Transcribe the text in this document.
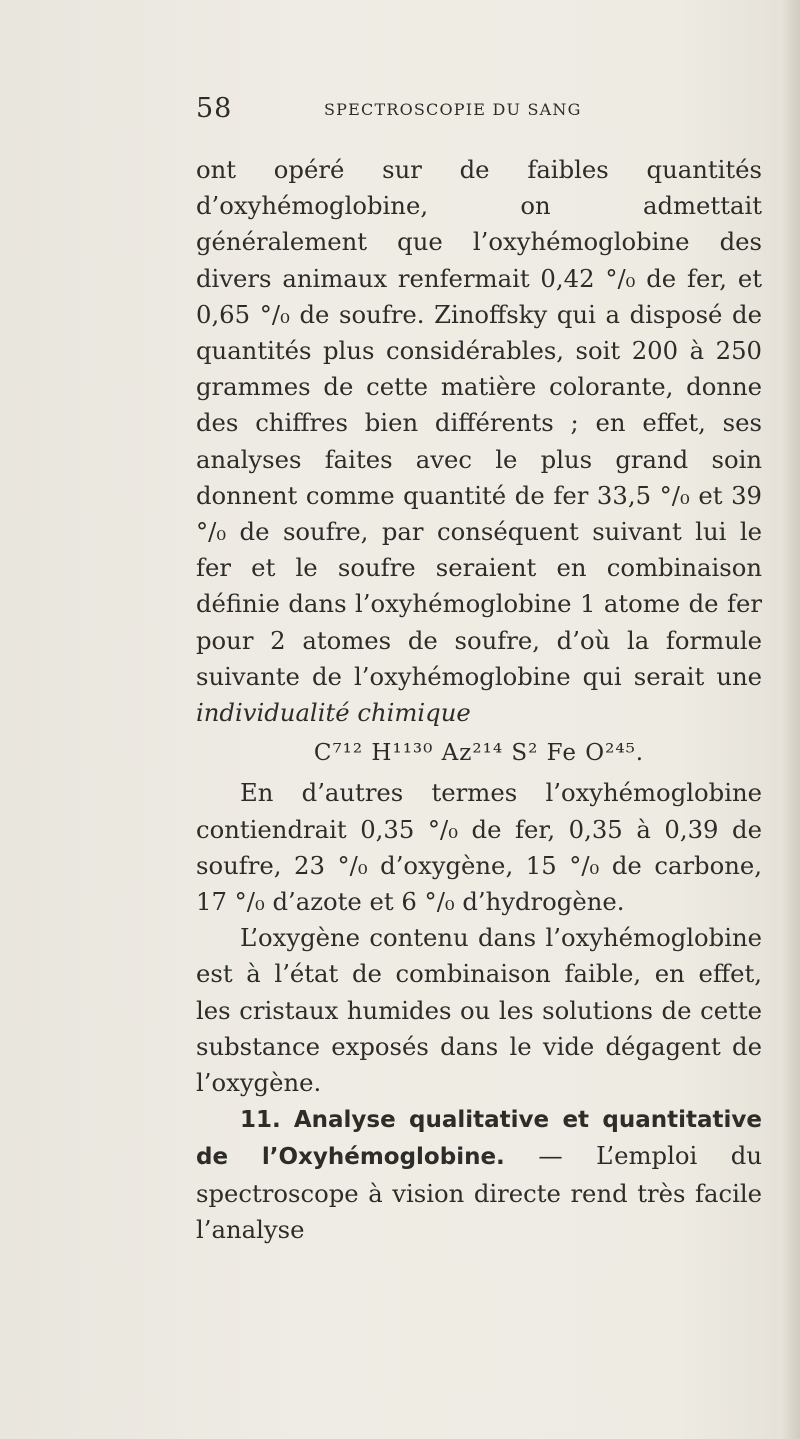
58	SPECTROSCOPIE DU SANG

ont opéré sur de faibles quantités d’oxyhémoglobine, on admettait généralement que l’oxyhémoglobine des divers animaux renfermait 0,42 °/₀ de fer, et 0,65 °/₀ de soufre. Zinoffsky qui a disposé de quantités plus considérables, soit 200 à 250 grammes de cette matière colorante, donne des chiffres bien différents ; en effet, ses analyses faites avec le plus grand soin donnent comme quantité de fer 33,5 °/₀ et 39 °/₀ de soufre, par conséquent suivant lui le fer et le soufre seraient en combinaison définie dans l’oxyhémoglobine 1 atome de fer pour 2 atomes de soufre, d’où la formule suivante de l’oxyhémoglobine qui serait une individualité chimique

C⁷¹² H¹¹³⁰ Az²¹⁴ S² Fe O²⁴⁵.

En d’autres termes l’oxyhémoglobine contiendrait 0,35 °/₀ de fer, 0,35 à 0,39 de soufre, 23 °/₀ d’oxygène, 15 °/₀ de carbone, 17 °/₀ d’azote et 6 °/₀ d’hydrogène.

L’oxygène contenu dans l’oxyhémoglobine est à l’état de combinaison faible, en effet, les cristaux humides ou les solutions de cette substance exposés dans le vide dégagent de l’oxygène.

11. Analyse qualitative et quantitative de l’Oxyhémoglobine. — L’emploi du spectroscope à vision directe rend très facile l’analyse
